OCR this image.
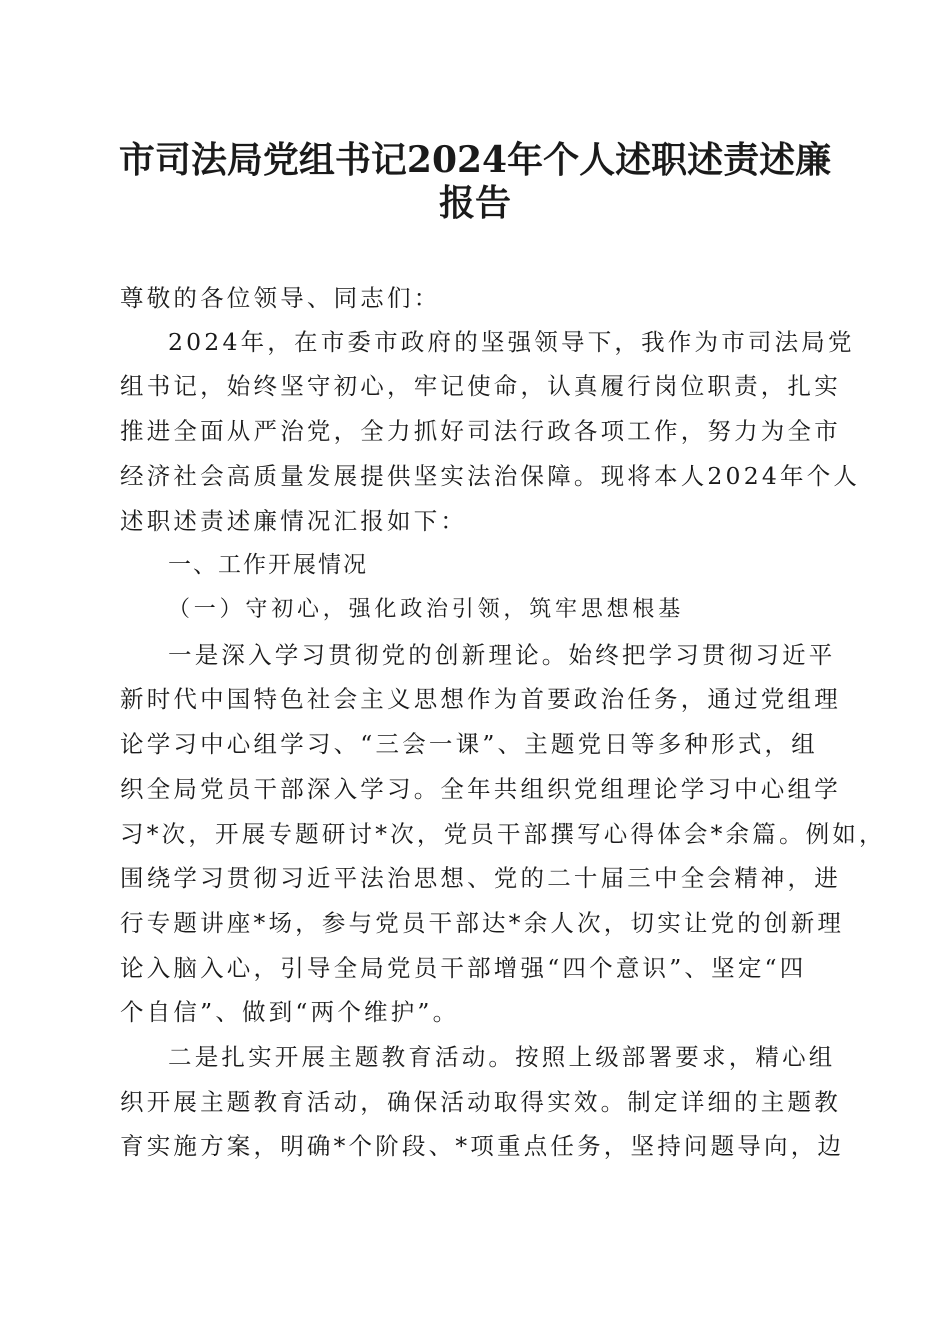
市司法局党组书记2024年个人述职述责述廉
报告

尊敬的各位领导、同志们：

2024年，在市委市政府的坚强领导下，我作为市司法局党

组书记，始终坚守初心，牢记使命，认真履行岗位职责，扎实

推进全面从严治党，全力抓好司法行政各项工作，努力为全市

经济社会高质量发展提供坚实法治保障。现将本人2024年个人

述职述责述廉情况汇报如下：

一、工作开展情况

（一）守初心，强化政治引领，筑牢思想根基

一是深入学习贯彻党的创新理论。始终把学习贯彻习近平

新时代中国特色社会主义思想作为首要政治任务，通过党组理

论学习中心组学习、“三会一课”、主题党日等多种形式，组

织全局党员干部深入学习。全年共组织党组理论学习中心组学

习*次，开展专题研讨*次，党员干部撰写心得体会*余篇。例如，

围绕学习贯彻习近平法治思想、党的二十届三中全会精神，进

行专题讲座*场，参与党员干部达*余人次，切实让党的创新理

论入脑入心，引导全局党员干部增强“四个意识”、坚定“四

个自信”、做到“两个维护”。

二是扎实开展主题教育活动。按照上级部署要求，精心组

织开展主题教育活动，确保活动取得实效。制定详细的主题教

育实施方案，明确*个阶段、*项重点任务，坚持问题导向，边
